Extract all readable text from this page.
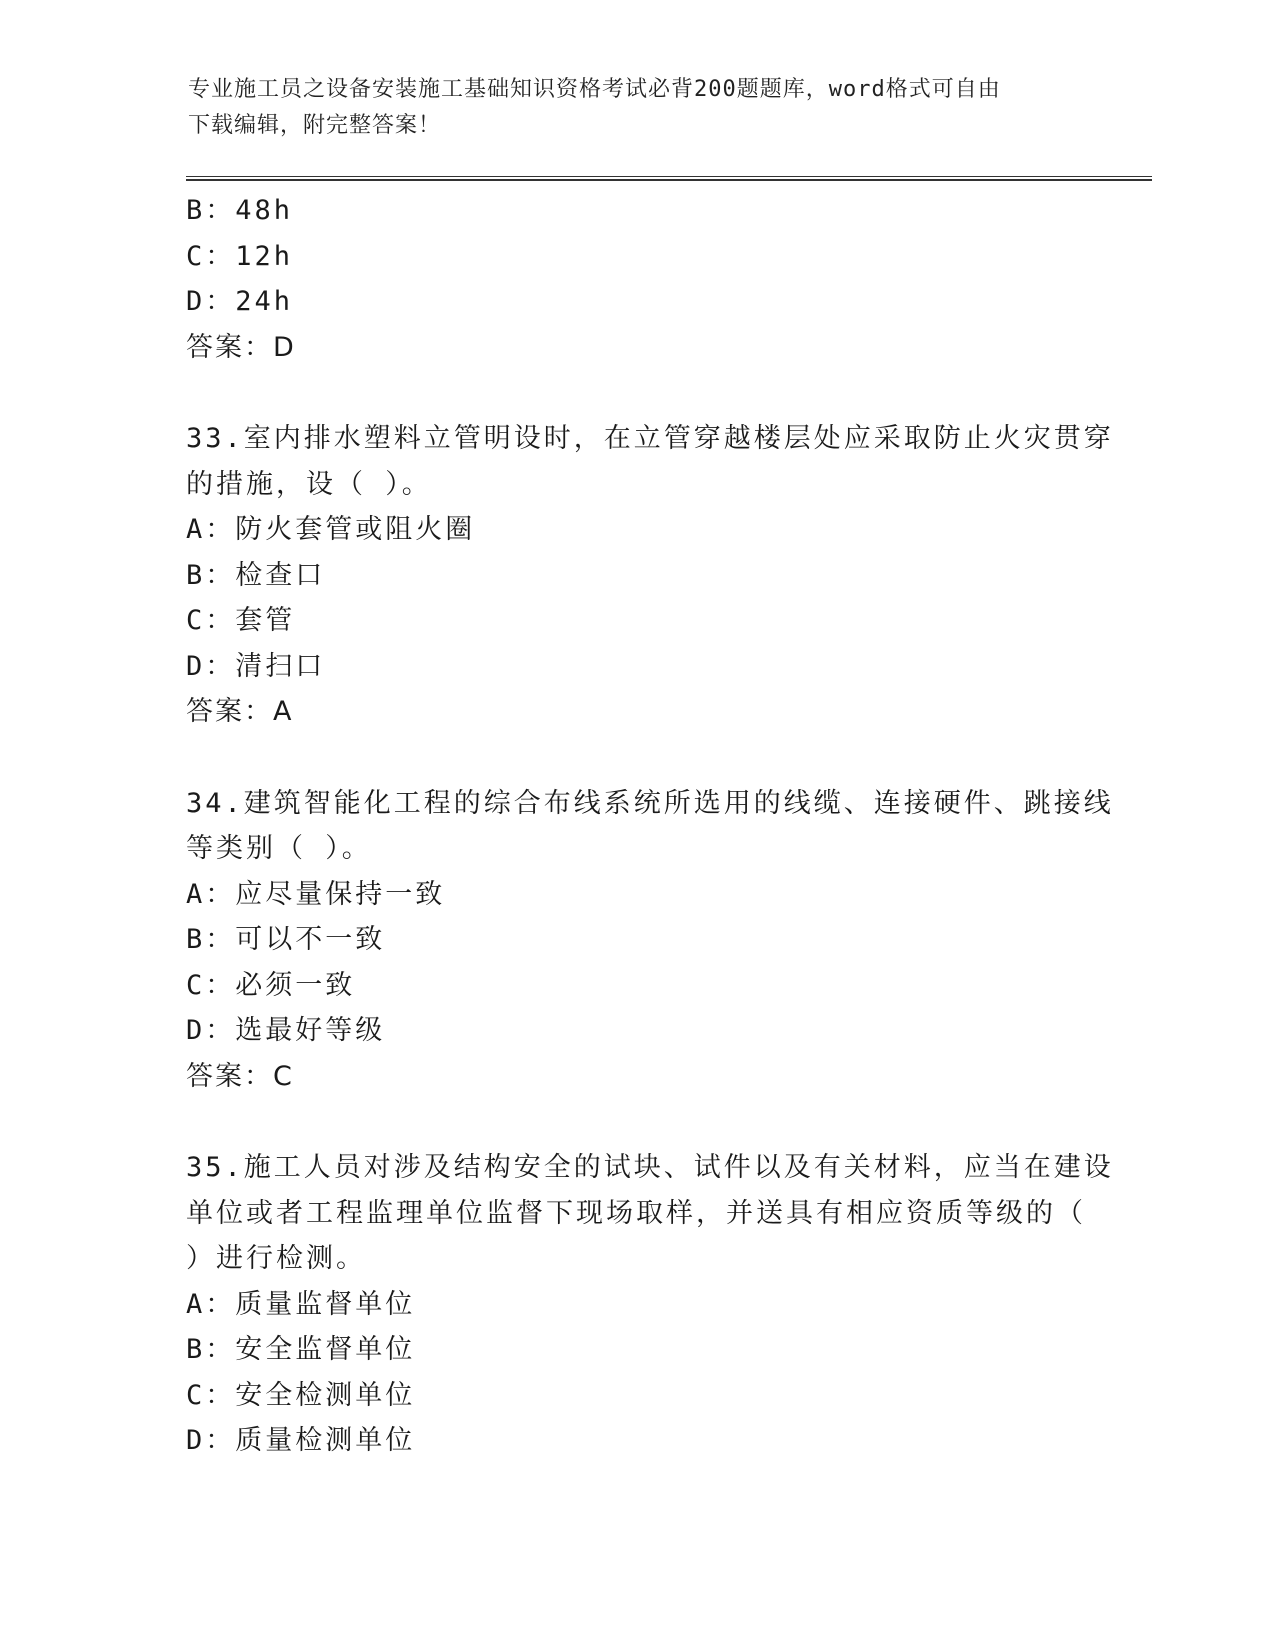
专业施工员之设备安装施工基础知识资格考试必背200题题库，word格式可自由
下载编辑，附完整答案！
B：48h
C：12h
D：24h
答案：D
33.室内排水塑料立管明设时，在立管穿越楼层处应采取防止火灾贯穿
的措施，设（ ）。
A：防火套管或阻火圈
B：检查口
C：套管
D：清扫口
答案：A
34.建筑智能化工程的综合布线系统所选用的线缆、连接硬件、跳接线
等类别（ ）。
A：应尽量保持一致
B：可以不一致
C：必须一致
D：选最好等级
答案：C
35.施工人员对涉及结构安全的试块、试件以及有关材料，应当在建设
单位或者工程监理单位监督下现场取样，并送具有相应资质等级的（
）进行检测。
A：质量监督单位
B：安全监督单位
C：安全检测单位
D：质量检测单位
